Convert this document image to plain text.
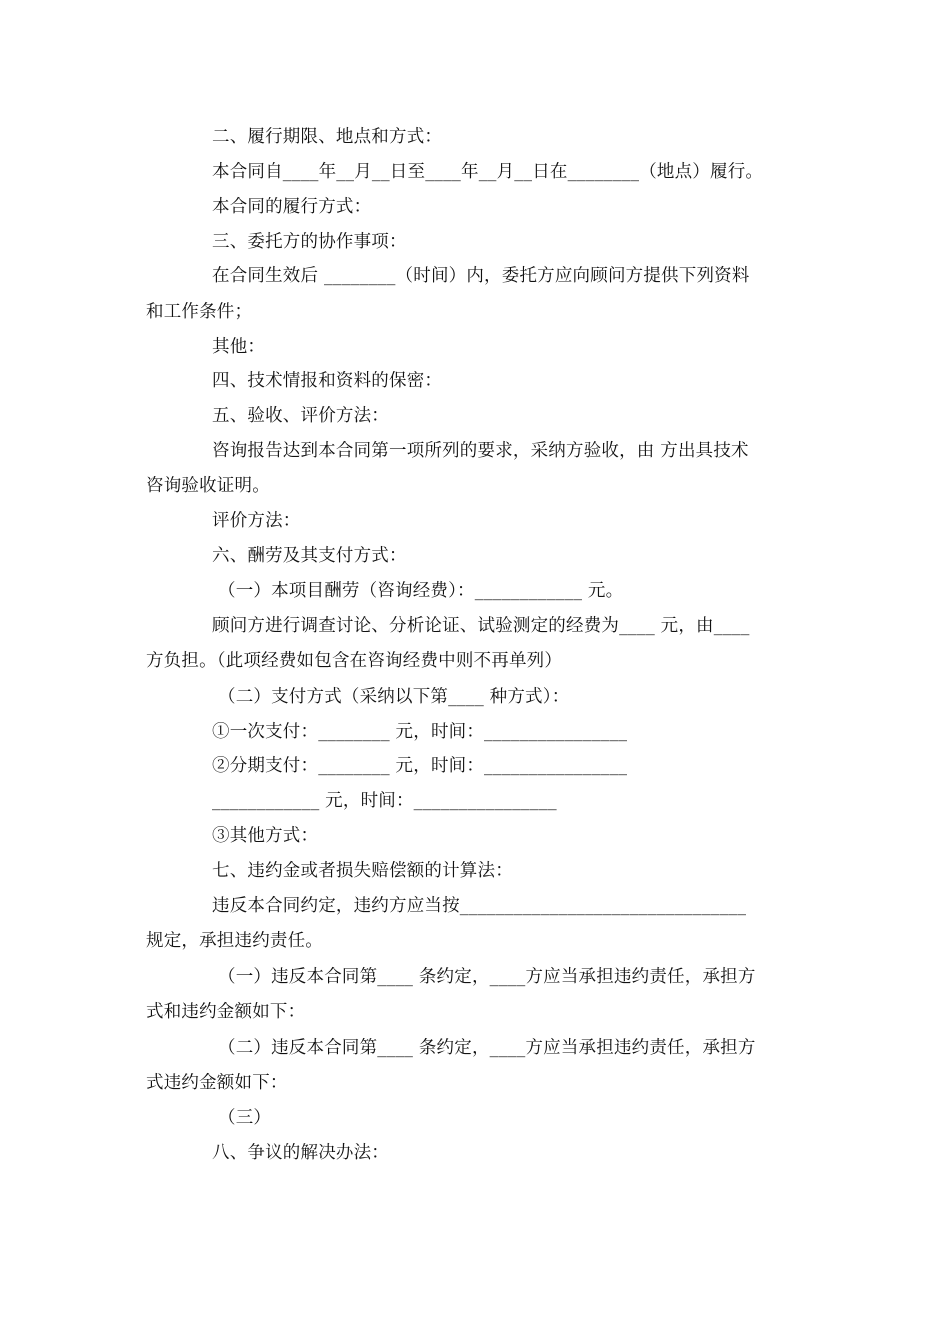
二、履行期限、地点和方式：
本合同自____年__月__日至____年__月__日在________（地点）履行。
本合同的履行方式：
三、委托方的协作事项：
在合同生效后 ________（时间）内，委托方应向顾问方提供下列资料
和工作条件；
其他：
四、技术情报和资料的保密：
五、验收、评价方法：
咨询报告达到本合同第一项所列的要求，采纳方验收，由 方出具技术
咨询验收证明。
评价方法：
六、酬劳及其支付方式：
（一）本项目酬劳（咨询经费）：____________ 元。
顾问方进行调查讨论、分析论证、试验测定的经费为____ 元，由____
方负担。（此项经费如包含在咨询经费中则不再单列）
（二）支付方式（采纳以下第____ 种方式）：
①一次支付：________ 元，时间：________________
②分期支付：________ 元，时间：________________
____________ 元，时间：________________
③其他方式：
七、违约金或者损失赔偿额的计算法：
违反本合同约定，违约方应当按________________________________
规定，承担违约责任。
（一）违反本合同第____ 条约定，____方应当承担违约责任，承担方
式和违约金额如下：
（二）违反本合同第____ 条约定，____方应当承担违约责任，承担方
式违约金额如下：
（三）
八、争议的解决办法：
